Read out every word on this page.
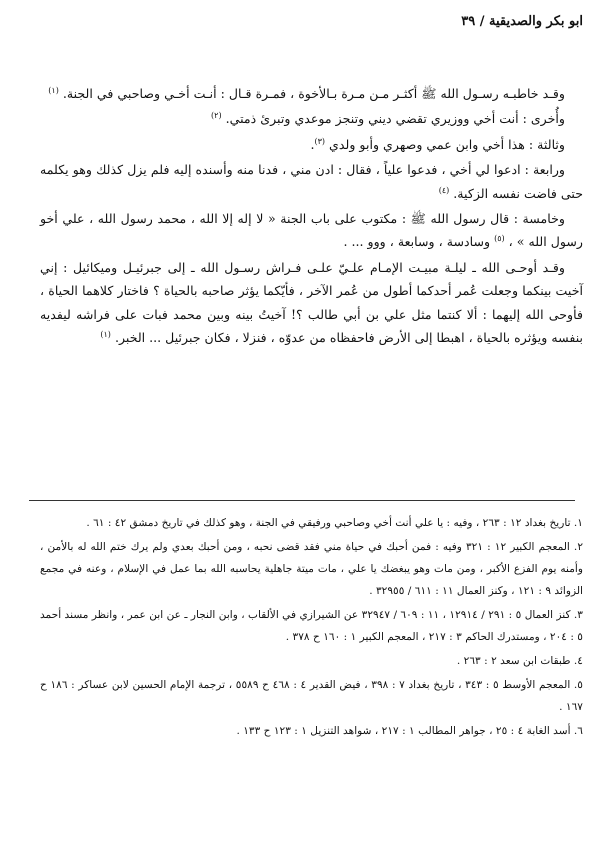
ابو بكر والصديقية / ٣٩

وقـد خاطبـه رسـول الله ﷺ أكثـر مـن مـرة بـالأخوة ، فمـرة قـال : أنـت أخـي وصاحبي في الجنة. $^{(١)}$

وأُخرى : أنت أخي ووزيري تقضي ديني وتنجز موعدي وتبرئ ذمتي. $^{(٢)}$

وثالثة : هذا أخي وابن عمي وصهري وأبو ولدي $^{(٣)}$.

ورابعة : ادعوا لي أخي ، فدعوا علياً ، فقال : ادن مني ، فدنا منه وأسنده إليه فلم يزل كذلك وهو يكلمه حتى فاضت نفسه الزكية. $^{(٤)}$

وخامسة : قال رسول الله ﷺ : مكتوب على باب الجنة « لا إله إلا الله ، محمد رسول الله ، علي أخو رسول الله » ، $^{(٥)}$ وسادسة ، وسابعة ، ووو ... .

وقـد أوحـى الله ـ ليلـة مبيـت الإمـام علـيّ علـى فـراش رسـول الله ـ إلى جبرئيـل وميكائيل : إني آخيت بينكما وجعلت عُمر أحدكما أطول من عُمر الآخر ، فأيّكما يؤثر صاحبه بالحياة ؟ فاختار كلاهما الحياة ، فأوحى الله إليهما : ألا كنتما مثل علي بن أبي طالب ؟! آخيتُ بينه وبين محمد فبات على فراشه ليفديه بنفسه ويؤثره بالحياة ، اهبطا إلى الأرض فاحفظاه من عدوّه ، فنزلا ، فكان جبرئيل ... الخبر. $^{(١)}$

١. تاريخ بغداد ١٢ : ٢٦٣ ، وفيه : يا علي أنت أخي وصاحبي ورفيقي في الجنة ، وهو كذلك في تاريخ دمشق ٤٢ : ٦١ .
٢. المعجم الكبير ١٢ : ٣٢١ وفيه : فمن أحبك في حياة مني فقد قضى نحبه ، ومن أحبك بعدي ولم يرك ختم الله له بالأمن ، وأمنه يوم الفزع الأكبر ، ومن مات وهو يبغضك يا علي ، مات ميتة جاهلية يحاسبه الله بما عمل في الإسلام ، وعنه في مجمع الزوائد ٩ : ١٢١ ، وكنز العمال ١١ : ٦١١ / ٣٢٩٥٥ .
٣. كنز العمال ٥ : ٢٩١ / ١٢٩١٤ ، ١١ : ٦٠٩ / ٣٢٩٤٧ عن الشيرازي في الألقاب ، وابن النجار ـ عن ابن عمر ، وانظر مسند أحمد ٥ : ٢٠٤ ، ومستدرك الحاكم ٣ : ٢١٧ ، المعجم الكبير ١ : ١٦٠ ح ٣٧٨ .
٤. طبقات ابن سعد ٢ : ٢٦٣ .
٥. المعجم الأوسط ٥ : ٣٤٣ ، تاريخ بغداد ٧ : ٣٩٨ ، فيض القدير ٤ : ٤٦٨ ح ٥٥٨٩ ، ترجمة الإمام الحسين لابن عساكر : ١٨٦ ح ١٦٧ .
٦. أسد الغابة ٤ : ٢٥ ، جواهر المطالب ١ : ٢١٧ ، شواهد التنزيل ١ : ١٢٣ ح ١٣٣ .
